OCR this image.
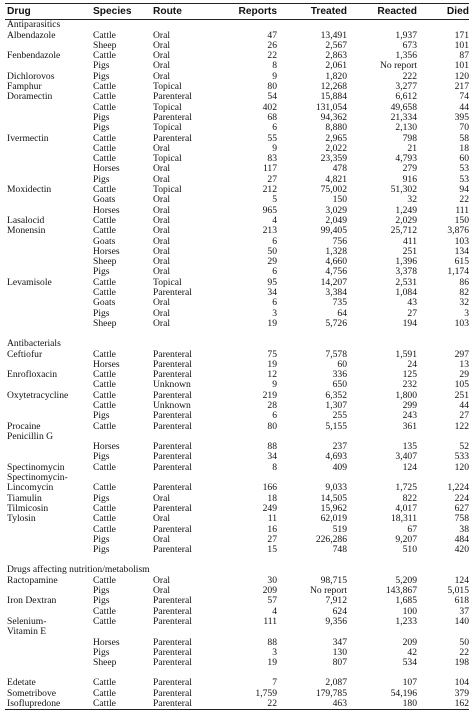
Drug	Species	Route	Reports	Treated	Reacted	Died
Antiparasitics						
Albendazole	Cattle	Oral	47	13,491	1,937	171
	Sheep	Oral	26	2,567	673	101
Fenbendazole	Cattle	Oral	22	2,863	1,356	87
	Pigs	Oral	8	2,061	No report	101
Dichlorovos	Pigs	Oral	9	1,820	222	120
Famphur	Cattle	Topical	80	12,268	3,277	217
Doramectin	Cattle	Parenteral	54	15,884	6,612	74
	Cattle	Topical	402	131,054	49,658	44
	Pigs	Parenteral	68	94,362	21,334	395
	Pigs	Topical	6	8,880	2,130	70
Ivermectin	Cattle	Parenteral	55	2,965	798	58
	Cattle	Oral	9	2,022	21	18
	Cattle	Topical	83	23,359	4,793	60
	Horses	Oral	117	478	279	53
	Pigs	Oral	27	4,821	916	53
Moxidectin	Cattle	Topical	212	75,002	51,302	94
	Goats	Oral	5	150	32	22
	Horses	Oral	965	3,029	1,249	111
Lasalocid	Cattle	Oral	4	2,049	2,029	150
Monensin	Cattle	Oral	213	99,405	25,712	3,876
	Goats	Oral	6	756	411	103
	Horses	Oral	50	1,328	251	134
	Sheep	Oral	29	4,660	1,396	615
	Pigs	Oral	6	4,756	3,378	1,174
Levamisole	Cattle	Topical	95	14,207	2,531	86
	Cattle	Parenteral	34	3,384	1,084	82
	Goats	Oral	6	735	43	32
	Pigs	Oral	3	64	27	3
	Sheep	Oral	19	5,726	194	103

Antibacterials						
Ceftiofur	Cattle	Parenteral	75	7,578	1,591	297
	Horses	Parenteral	19	60	24	13
Enrofloxacin	Cattle	Parenteral	12	336	125	29
	Cattle	Unknown	9	650	232	105
Oxytetracycline	Cattle	Parenteral	219	6,352	1,800	251
	Cattle	Unknown	28	1,307	299	44
	Pigs	Parenteral	6	255	243	27
Procaine	Cattle	Parenteral	80	5,155	361	122
Penicillin G						
	Horses	Parenteral	88	237	135	52
	Pigs	Parenteral	34	4,693	3,407	533
Spectinomycin	Cattle	Parenteral	8	409	124	120
Spectinomycin-						
Lincomycin	Cattle	Parenteral	166	9,033	1,725	1,224
Tiamulin	Pigs	Oral	18	14,505	822	224
Tilmicosin	Cattle	Parenteral	249	15,962	4,017	627
Tylosin	Cattle	Oral	11	62,019	18,311	758
	Cattle	Parenteral	16	519	67	38
	Pigs	Oral	27	226,286	9,207	484
	Pigs	Parenteral	15	748	510	420

Drugs affecting nutrition/metabolism						
Ractopamine	Cattle	Oral	30	98,715	5,209	124
	Pigs	Oral	209	No report	143,867	5,015
Iron Dextran	Pigs	Parenteral	57	7,912	1,685	618
	Cattle	Parenteral	4	624	100	37
Selenium-	Cattle	Parenteral	111	9,356	1,233	140
Vitamin E						
	Horses	Parenteral	88	347	209	50
	Pigs	Parenteral	3	130	42	22
	Sheep	Parenteral	19	807	534	198

Edetate	Cattle	Parenteral	7	2,087	107	104
Sometribove	Cattle	Parenteral	1,759	179,785	54,196	379
Isoflupredone	Cattle	Parenteral	22	463	180	162
